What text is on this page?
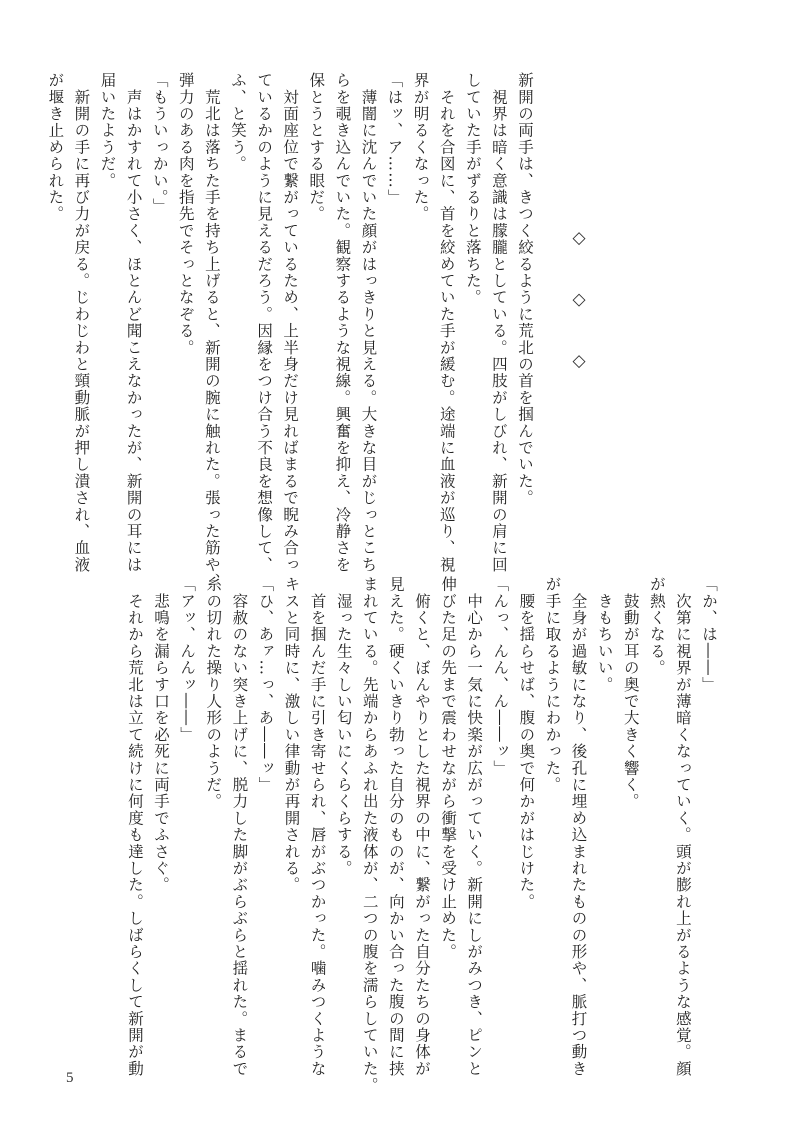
◇ ◇ ◇
新開の両手は、きつく絞るように荒北の首を掴んでいた。
　視界は暗く意識は朦朧としている。四肢がしびれ、新開の肩に回
していた手がずるりと落ちた。
　それを合図に、首を絞めていた手が緩む。途端に血液が巡り、視
界が明るくなった。
「はッ、ア……」
　薄闇に沈んでいた顔がはっきりと見える。大きな目がじっとこち
らを覗き込んでいた。観察するような視線。興奮を抑え、冷静さを
保とうとする眼だ。
　対面座位で繋がっているため、上半身だけ見ればまるで睨み合っ
ているかのように見えるだろう。因縁をつけ合う不良を想像して、
ふ、と笑う。
　荒北は落ちた手を持ち上げると、新開の腕に触れた。張った筋や、
弾力のある肉を指先でそっとなぞる。
「もういっかい。」
　声はかすれて小さく、ほとんど聞こえなかったが、新開の耳には
届いたようだ。
　新開の手に再び力が戻る。じわじわと頸動脈が押し潰され、血液
が堰き止められた。
「か、は――」
　次第に視界が薄暗くなっていく。頭が膨れ上がるような感覚。顔
が熱くなる。
　鼓動が耳の奥で大きく響く。
　きもちいい。
　全身が過敏になり、後孔に埋め込まれたものの形や、脈打つ動き
が手に取るようにわかった。
　腰を揺らせば、腹の奥で何かがはじけた。
「んっ、んん、ん――ッ」
　中心から一気に快楽が広がっていく。新開にしがみつき、ピンと
伸びた足の先まで震わせながら衝撃を受け止めた。
　俯くと、ぼんやりとした視界の中に、繋がった自分たちの身体が
見えた。硬くいきり勃った自分のものが、向かい合った腹の間に挟
まれている。先端からあふれ出た液体が、二つの腹を濡らしていた。
　湿った生々しい匂いにくらくらする。
　首を掴んだ手に引き寄せられ、唇がぶつかった。噛みつくような
キスと同時に、激しい律動が再開される。
「ひ、あァ…っ、あ――ッ」
　容赦のない突き上げに、脱力した脚がぶらぶらと揺れた。まるで
糸の切れた操り人形のようだ。
「アッ、んんッ――」
　悲鳴を漏らす口を必死に両手でふさぐ。
　それから荒北は立て続けに何度も達した。しばらくして新開が動
5
